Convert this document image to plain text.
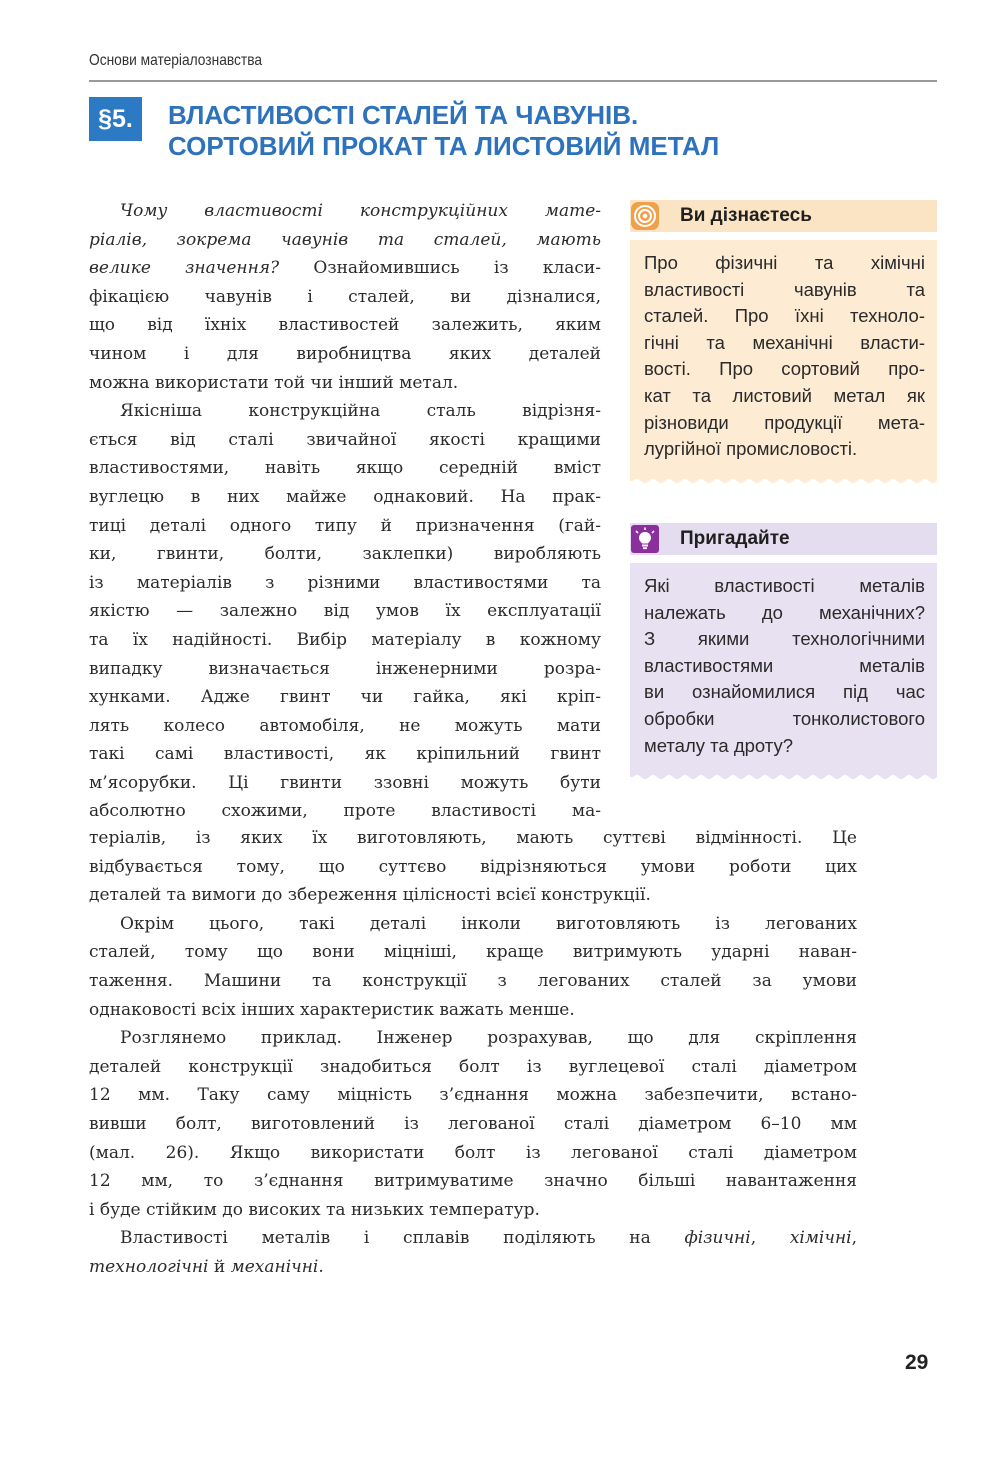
Основи матеріалознавства
§5.	ВЛАСТИВОСТІ СТАЛЕЙ ТА ЧАВУНІВ.
СОРТОВИЙ ПРОКАТ ТА ЛИСТОВИЙ МЕТАЛ
Чому властивості конструкційних мате-
ріалів, зокрема чавунів та сталей, мають
велике значення? Ознайомившись із класи-
фікацією чавунів і сталей, ви дізналися,
що від їхніх властивостей залежить, яким
чином і для виробництва яких деталей
можна використати той чи інший метал.
Якісніша конструкційна сталь відрізня-
ється від сталі звичайної якості кращими
властивостями, навіть якщо середній вміст
вуглецю в них майже однаковий. На прак-
тиці деталі одного типу й призначення (гай-
ки, гвинти, болти, заклепки) виробляють
із матеріалів з різними властивостями та
якістю — залежно від умов їх експлуатації
та їх надійності. Вибір матеріалу в кожному
випадку визначається інженерними розра-
хунками. Адже гвинт чи гайка, які кріп-
лять колесо автомобіля, не можуть мати
такі самі властивості, як кріпильний гвинт
м’ясорубки. Ці гвинти ззовні можуть бути
абсолютно схожими, проте властивості ма-
теріалів, із яких їх виготовляють, мають суттєві відмінності. Це
відбувається тому, що суттєво відрізняються умови роботи цих
деталей та вимоги до збереження цілісності всієї конструкції.
Окрім цього, такі деталі інколи виготовляють із легованих
сталей, тому що вони міцніші, краще витримують ударні наван-
таження. Машини та конструкції з легованих сталей за умови
однаковості всіх інших характеристик важать менше.
Розглянемо приклад. Інженер розрахував, що для скріплення
деталей конструкції знадобиться болт із вуглецевої сталі діаметром
12 мм. Таку саму міцність з’єднання можна забезпечити, встано-
вивши болт, виготовлений із легованої сталі діаметром 6–10 мм
(мал. 26). Якщо використати болт із легованої сталі діаметром
12 мм, то з’єднання витримуватиме значно більші навантаження
і буде стійким до високих та низьких температур.
Властивості металів і сплавів поділяють на фізичні, хімічні,
технологічні й механічні.
Ви дізнаєтесь
Про фізичні та хімічні
властивості чавунів та
сталей. Про їхні техноло-
гічні та механічні власти-
вості. Про сортовий про-
кат та листовий метал як
різновиди продукції мета-
лургійної промисловості.
Пригадайте
Які властивості металів
належать до механічних?
З якими технологічними
властивостями металів
ви ознайомилися під час
обробки тонколистового
металу та дроту?
29
